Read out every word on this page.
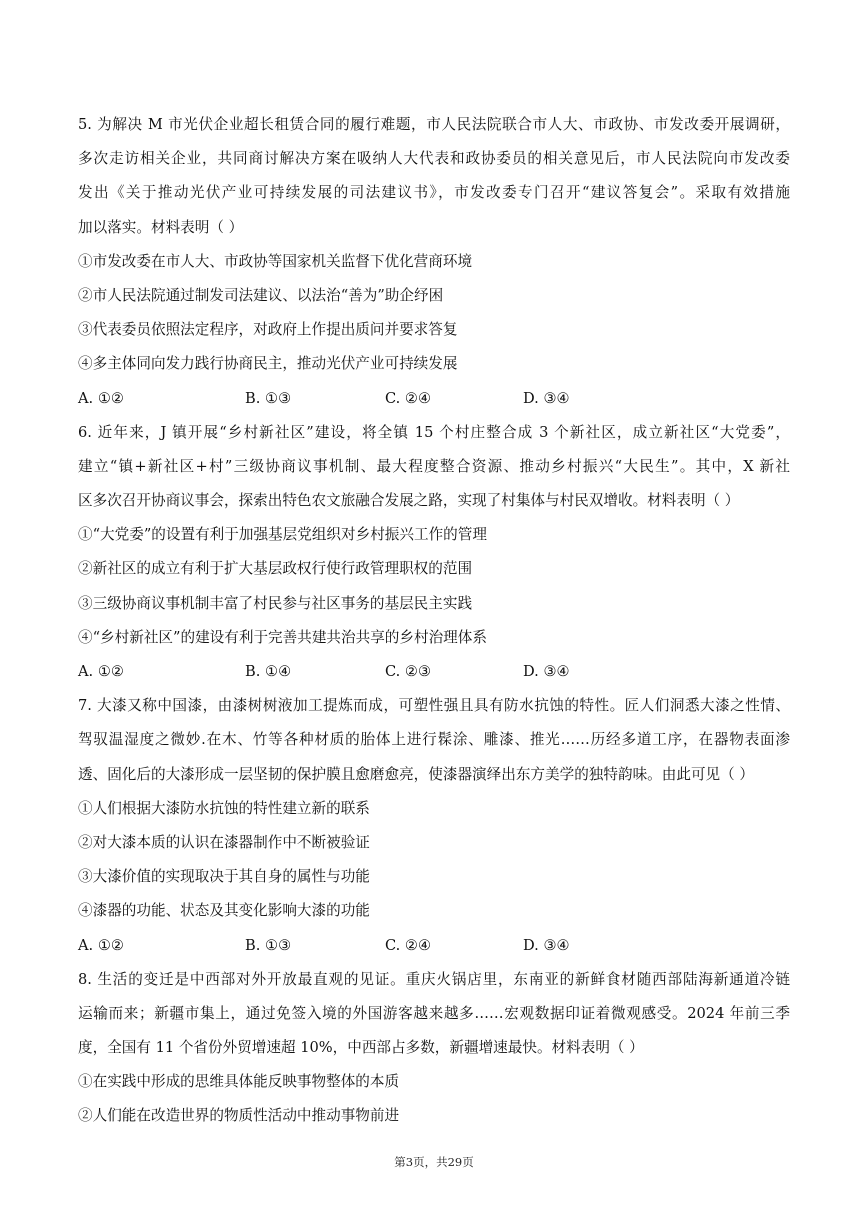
5. 为解决 M 市光伏企业超长租赁合同的履行难题，市人民法院联合市人大、市政协、市发改委开展调研，
多次走访相关企业，共同商讨解决方案在吸纳人大代表和政协委员的相关意见后，市人民法院向市发改委
发出《关于推动光伏产业可持续发展的司法建议书》，市发改委专门召开“建议答复会”。采取有效措施
加以落实。材料表明（ ）
①市发改委在市人大、市政协等国家机关监督下优化营商环境
②市人民法院通过制发司法建议、以法治“善为”助企纾困
③代表委员依照法定程序，对政府上作提出质问并要求答复
④多主体同向发力践行协商民主，推动光伏产业可持续发展
A. ①②	B. ①③	C. ②④	D. ③④
6. 近年来，J 镇开展“乡村新社区”建设，将全镇 15 个村庄整合成 3 个新社区，成立新社区“大党委”，
建立“镇+新社区+村”三级协商议事机制、最大程度整合资源、推动乡村振兴“大民生”。其中，X 新社
区多次召开协商议事会，探索出特色农文旅融合发展之路，实现了村集体与村民双增收。材料表明（ ）
①“大党委”的设置有利于加强基层党组织对乡村振兴工作的管理
②新社区的成立有利于扩大基层政权行使行政管理职权的范围
③三级协商议事机制丰富了村民参与社区事务的基层民主实践
④“乡村新社区”的建设有利于完善共建共治共享的乡村治理体系
A. ①②	B. ①④	C. ②③	D. ③④
7. 大漆又称中国漆，由漆树树液加工提炼而成，可塑性强且具有防水抗蚀的特性。匠人们洞悉大漆之性情、
驾驭温湿度之微妙.在木、竹等各种材质的胎体上进行髹涂、雕漆、推光……历经多道工序，在器物表面渗
透、固化后的大漆形成一层坚韧的保护膜且愈磨愈亮，使漆器演绎出东方美学的独特韵味。由此可见（ ）
①人们根据大漆防水抗蚀的特性建立新的联系
②对大漆本质的认识在漆器制作中不断被验证
③大漆价值的实现取决于其自身的属性与功能
④漆器的功能、状态及其变化影响大漆的功能
A. ①②	B. ①③	C. ②④	D. ③④
8. 生活的变迁是中西部对外开放最直观的见证。重庆火锅店里，东南亚的新鲜食材随西部陆海新通道冷链
运输而来；新疆市集上，通过免签入境的外国游客越来越多……宏观数据印证着微观感受。2024 年前三季
度，全国有 11 个省份外贸增速超 10%，中西部占多数，新疆增速最快。材料表明（ ）
①在实践中形成的思维具体能反映事物整体的本质
②人们能在改造世界的物质性活动中推动事物前进
第3页，共29页
